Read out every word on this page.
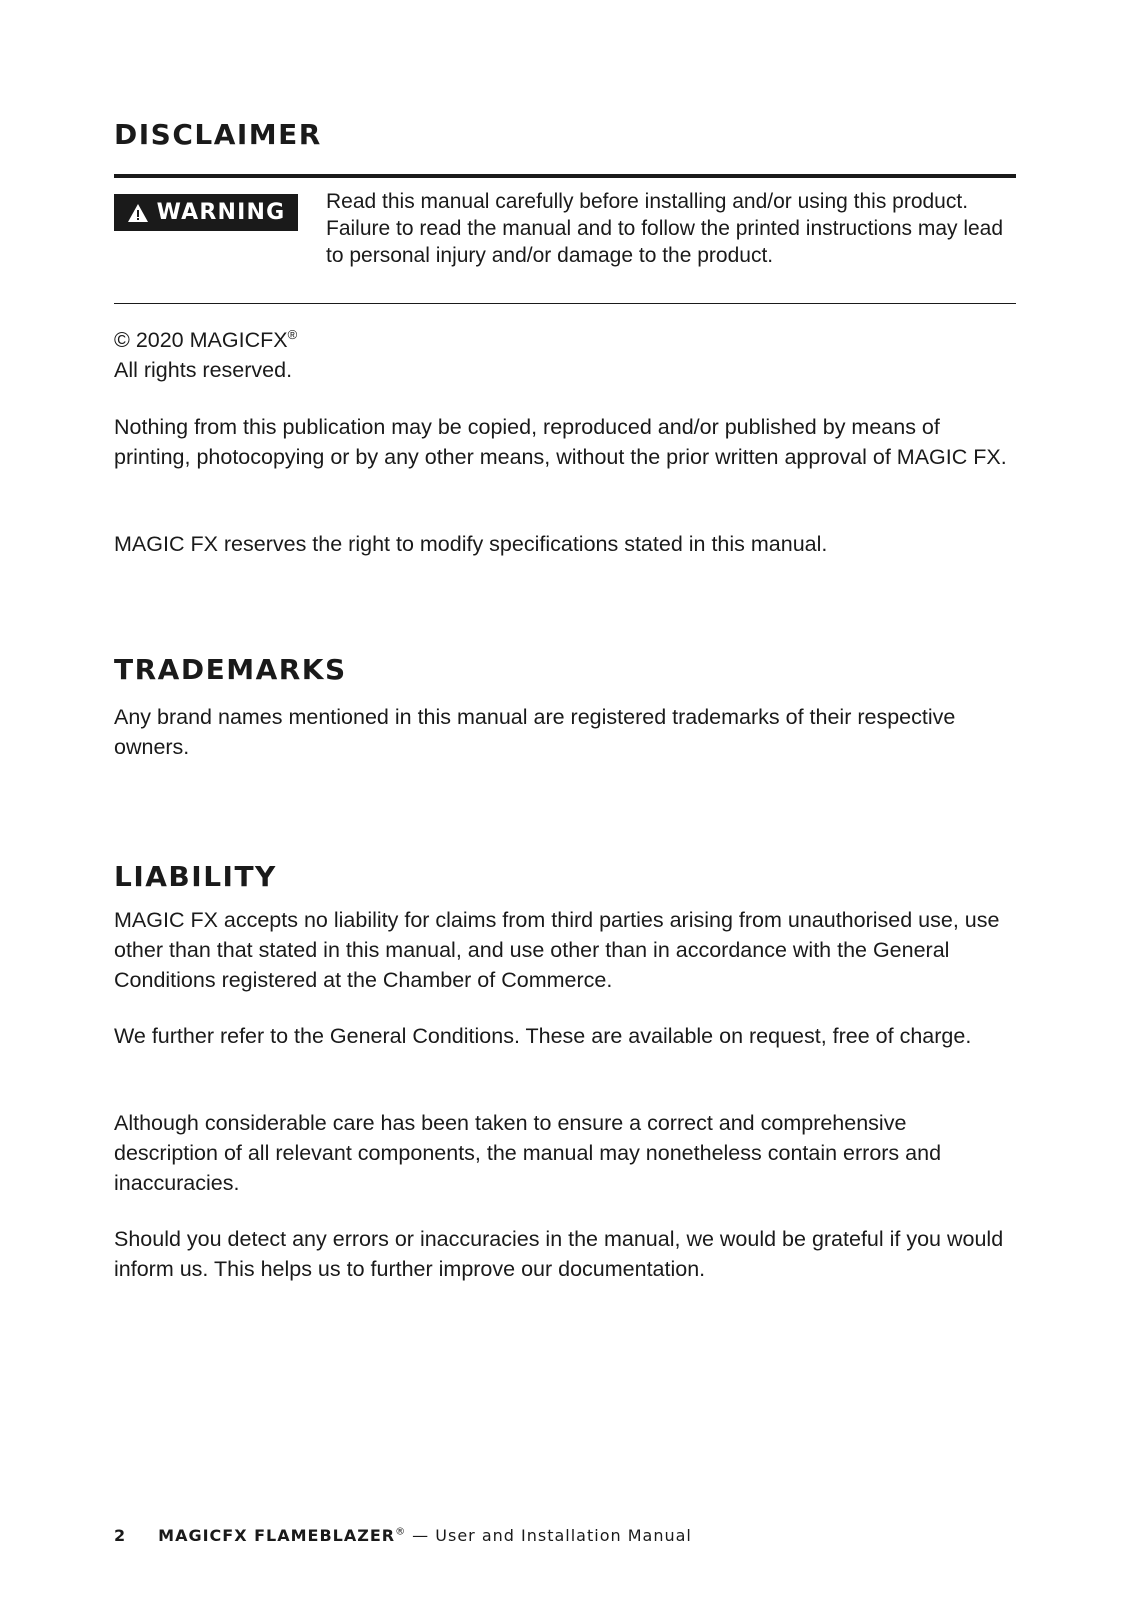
DISCLAIMER
WARNING Read this manual carefully before installing and/or using this product. Failure to read the manual and to follow the printed instructions may lead to personal injury and/or damage to the product.

© 2020 MAGICFX®
All rights reserved.

Nothing from this publication may be copied, reproduced and/or published by means of printing, photocopying or by any other means, without the prior written approval of MAGIC FX.

MAGIC FX reserves the right to modify specifications stated in this manual.

TRADEMARKS

Any brand names mentioned in this manual are registered trademarks of their respective owners.

LIABILITY

MAGIC FX accepts no liability for claims from third parties arising from unauthorised use, use other than that stated in this manual, and use other than in accordance with the General Conditions registered at the Chamber of Commerce.

We further refer to the General Conditions. These are available on request, free of charge.

Although considerable care has been taken to ensure a correct and comprehensive description of all relevant components, the manual may nonetheless contain errors and inaccuracies.

Should you detect any errors or inaccuracies in the manual, we would be grateful if you would inform us. This helps us to further improve our documentation.

2 MAGICFX FLAMEBLAZER® — User and Installation Manual
